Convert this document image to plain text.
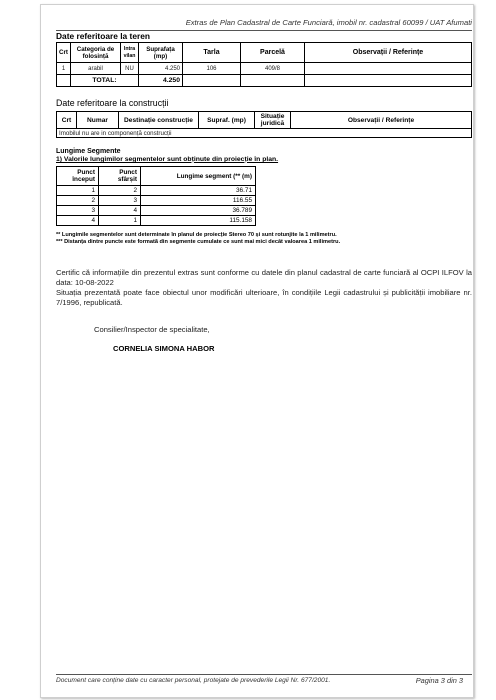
Extras de Plan Cadastral de Carte Funciară, imobil nr. cadastral 60099 / UAT Afumati
Date referitoare la teren
Crt	Categoria de folosință	Intra vilan	Suprafața (mp)	Tarla	Parcelă	Observații / Referințe
1	arabil	NU	4.250	106	409/8	
	TOTAL:		4.250			
Date referitoare la construcții
Crt	Numar	Destinație construcție	Supraf. (mp)	Situație juridică	Observații / Referințe
Imobilul nu are in componență construcții
Lungime Segmente
1) Valorile lungimilor segmentelor sunt obținute din proiecție în plan.
Punct început	Punct sfârșit	Lungime segment (** (m)
1	2	36.71
2	3	116.55
3	4	36.789
4	1	115.158
** Lungimile segmentelor sunt determinate în planul de proiecție Stereo 70 și sunt rotunjite la 1 milimetru.
*** Distanța dintre puncte este formată din segmente cumulate ce sunt mai mici decât valoarea 1 milimetru.
Certific că informațiile din prezentul extras sunt conforme cu datele din planul cadastral de carte funciară al OCPI ILFOV la data: 10-08-2022
Situația prezentată poate face obiectul unor modificări ulterioare, în condițiile Legii cadastrului și publicității imobiliare nr. 7/1996, republicată.
Consilier/Inspector de specialitate,
CORNELIA SIMONA HABOR
Document care conține date cu caracter personal, protejate de prevederile Legii Nr. 677/2001.	Pagina 3 din 3
